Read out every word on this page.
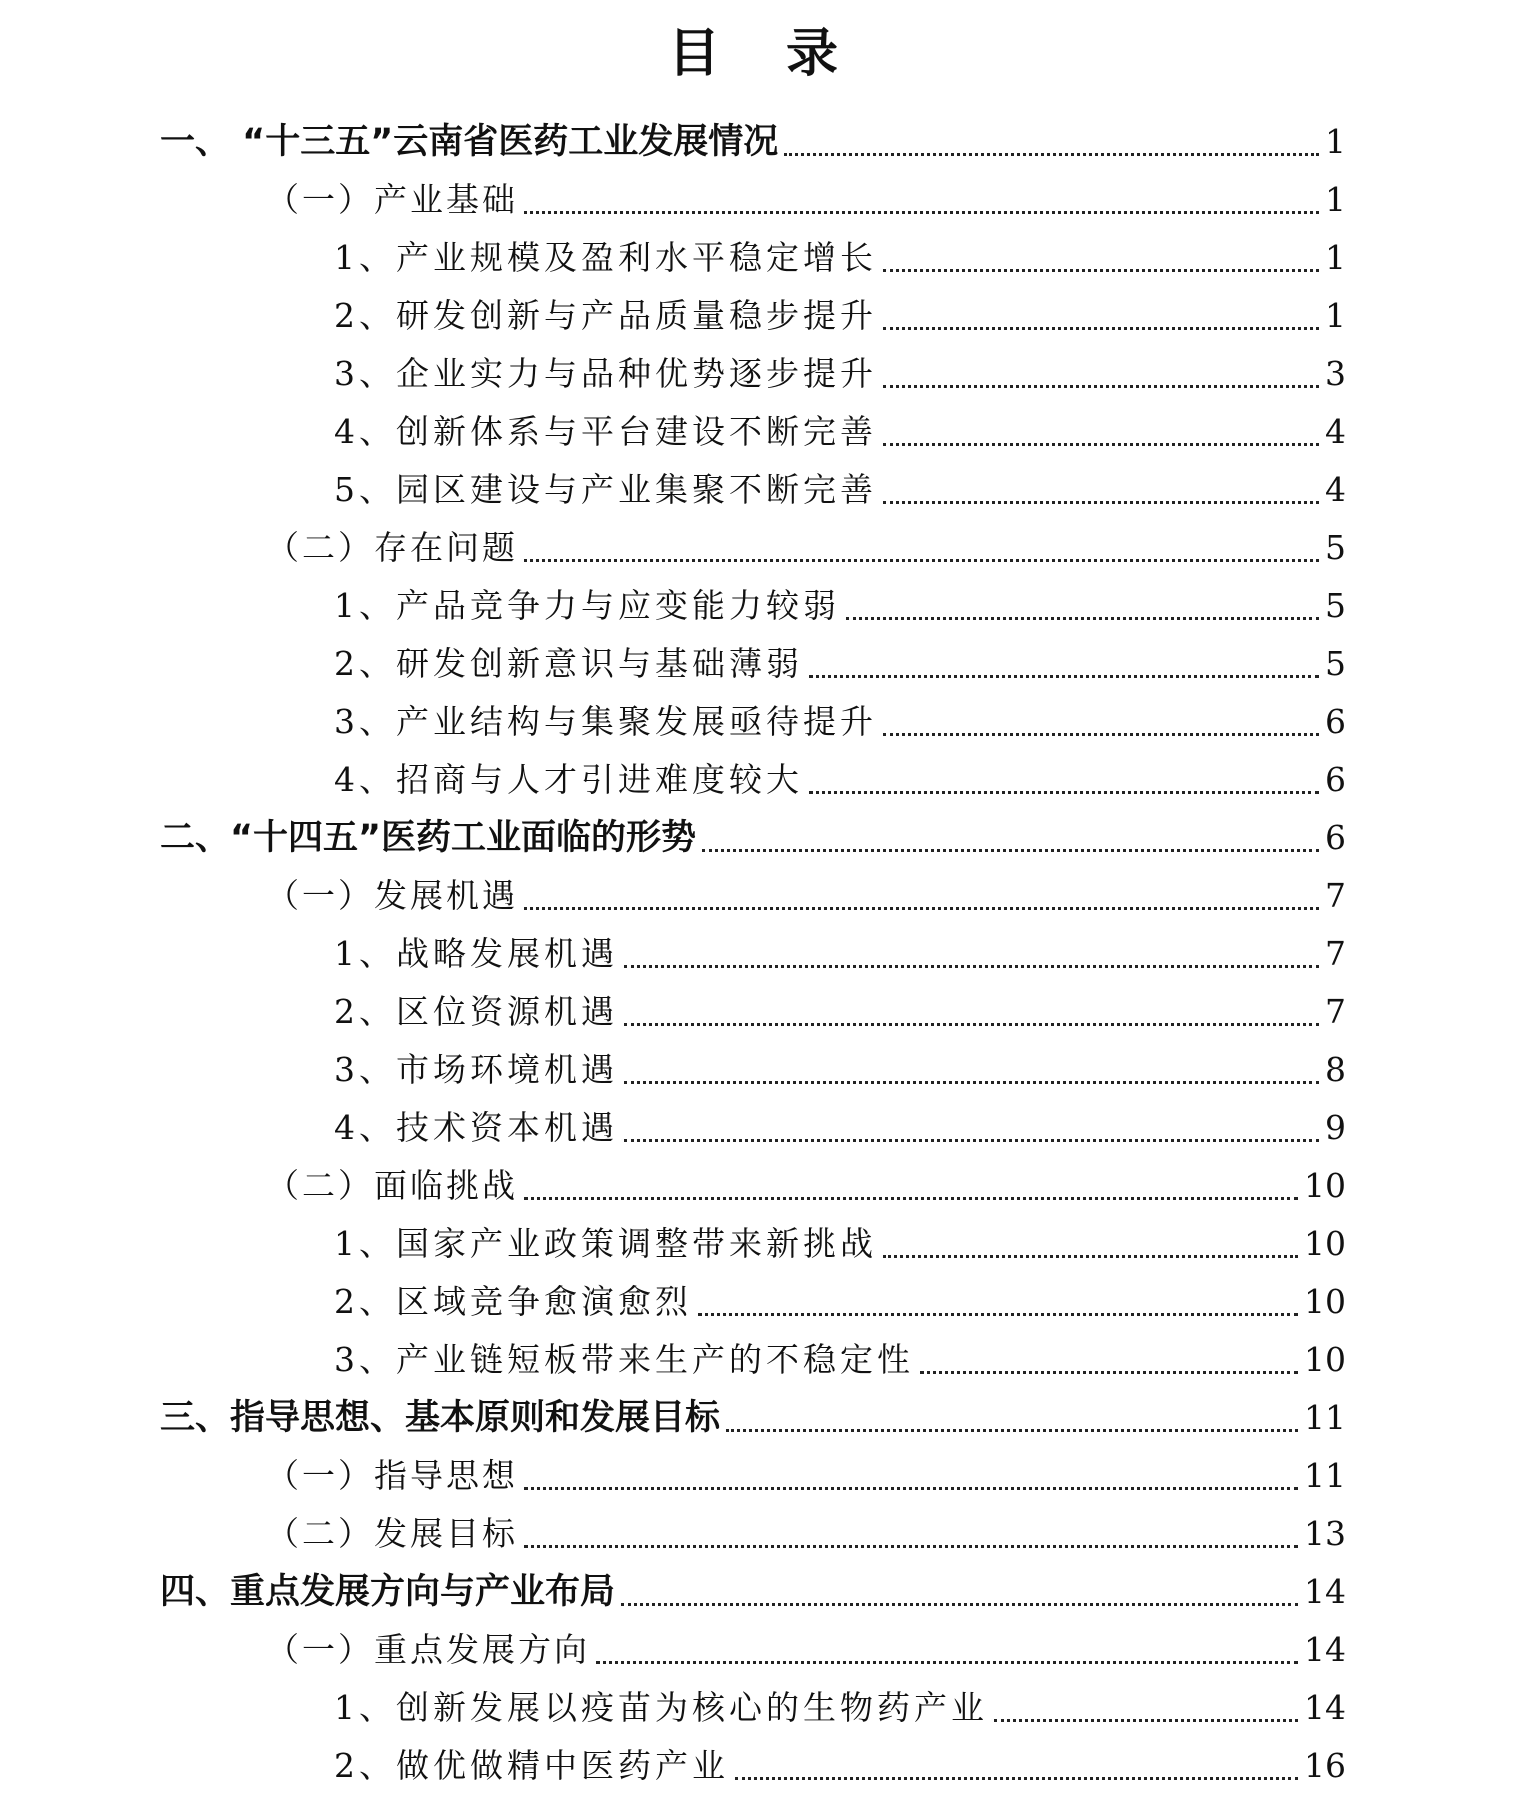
目 录
一、 “十三五”云南省医药工业发展情况	1
（一）产业基础	1
1、产业规模及盈利水平稳定增长	1
2、研发创新与产品质量稳步提升	1
3、企业实力与品种优势逐步提升	3
4、创新体系与平台建设不断完善	4
5、园区建设与产业集聚不断完善	4
（二）存在问题	5
1、产品竞争力与应变能力较弱	5
2、研发创新意识与基础薄弱	5
3、产业结构与集聚发展亟待提升	6
4、招商与人才引进难度较大	6
二、“十四五”医药工业面临的形势	6
（一）发展机遇	7
1、战略发展机遇	7
2、区位资源机遇	7
3、市场环境机遇	8
4、技术资本机遇	9
（二）面临挑战	10
1、国家产业政策调整带来新挑战	10
2、区域竞争愈演愈烈	10
3、产业链短板带来生产的不稳定性	10
三、指导思想、基本原则和发展目标	11
（一）指导思想	11
（二）发展目标	13
四、重点发展方向与产业布局	14
（一）重点发展方向	14
1、创新发展以疫苗为核心的生物药产业	14
2、做优做精中医药产业	16
